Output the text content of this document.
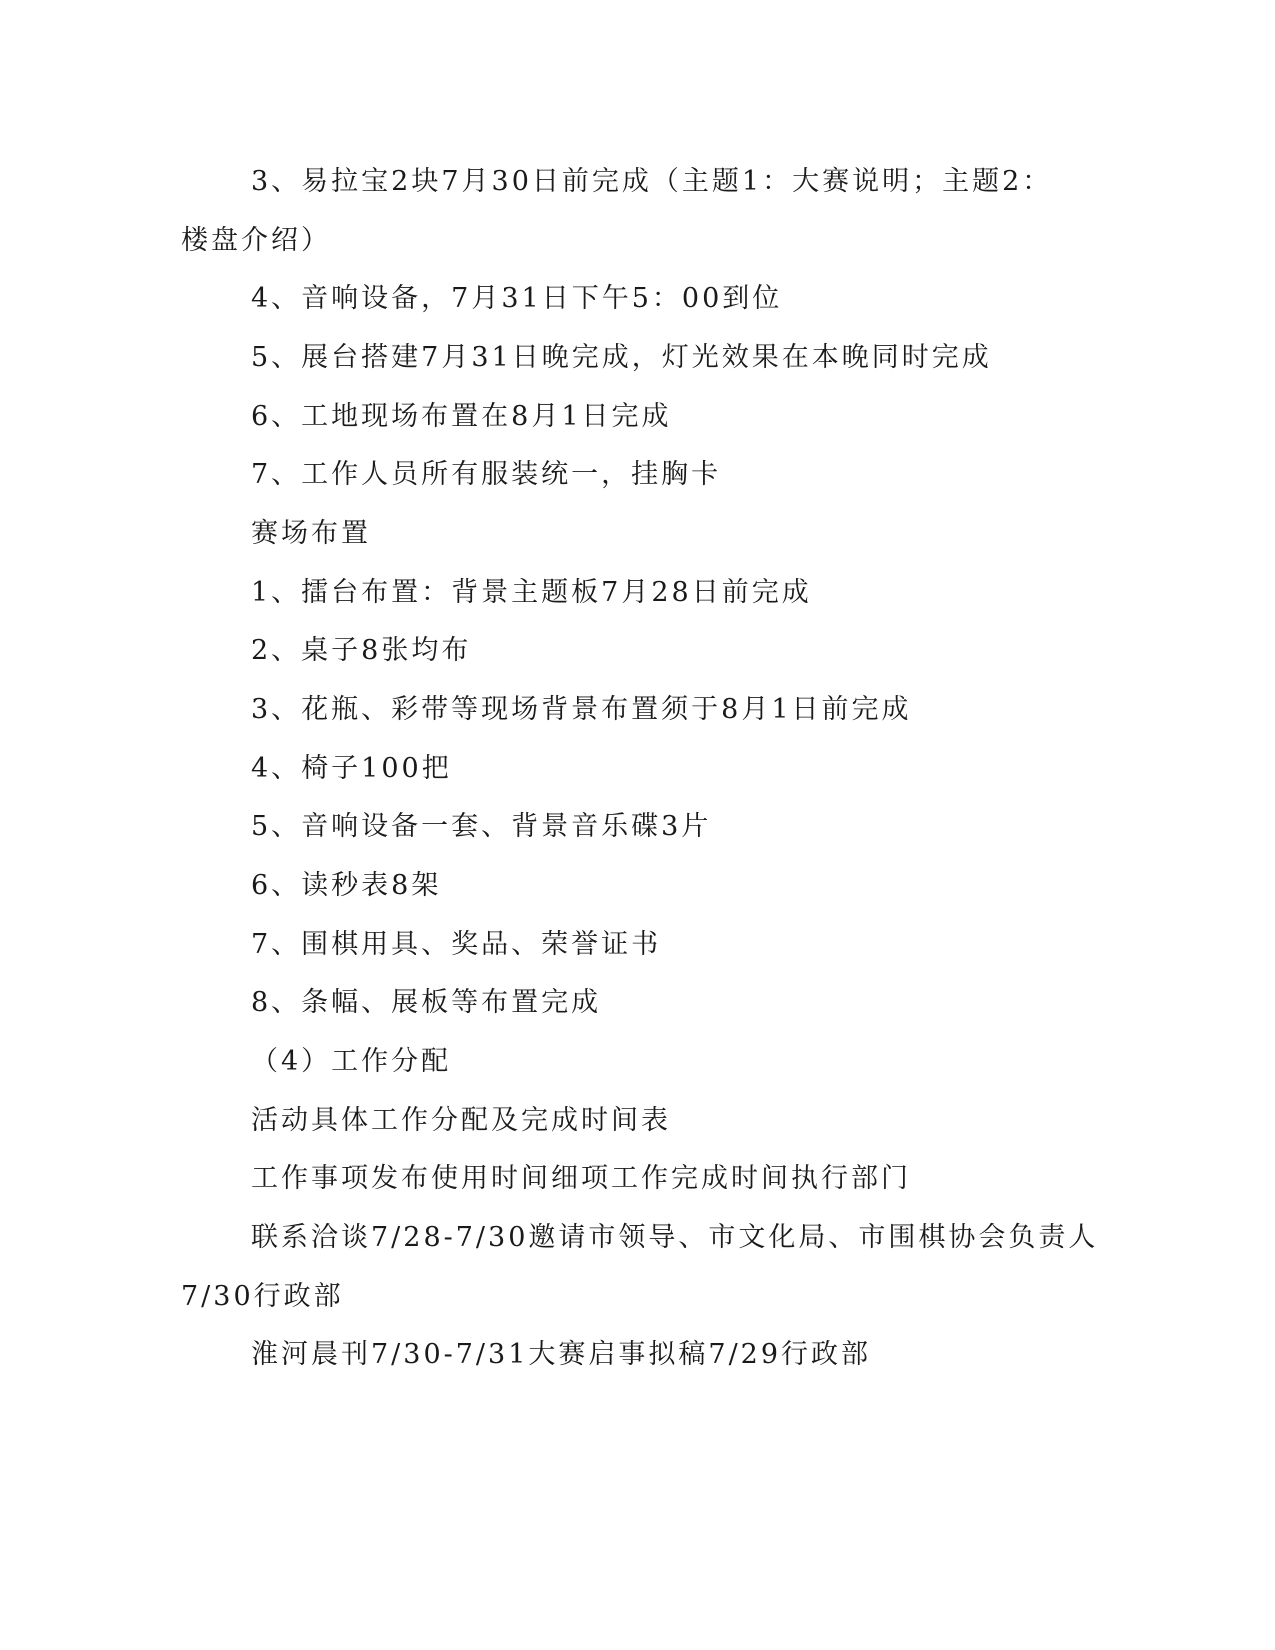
3、易拉宝2块7月30日前完成（主题1：大赛说明；主题2：
楼盘介绍）
4、音响设备，7月31日下午5：00到位
5、展台搭建7月31日晚完成，灯光效果在本晚同时完成
6、工地现场布置在8月1日完成
7、工作人员所有服装统一，挂胸卡
赛场布置
1、擂台布置：背景主题板7月28日前完成
2、桌子8张均布
3、花瓶、彩带等现场背景布置须于8月1日前完成
4、椅子100把
5、音响设备一套、背景音乐碟3片
6、读秒表8架
7、围棋用具、奖品、荣誉证书
8、条幅、展板等布置完成
（4）工作分配
活动具体工作分配及完成时间表
工作事项发布使用时间细项工作完成时间执行部门
联系洽谈7/28-7/30邀请市领导、市文化局、市围棋协会负责人
7/30行政部
淮河晨刊7/30-7/31大赛启事拟稿7/29行政部
